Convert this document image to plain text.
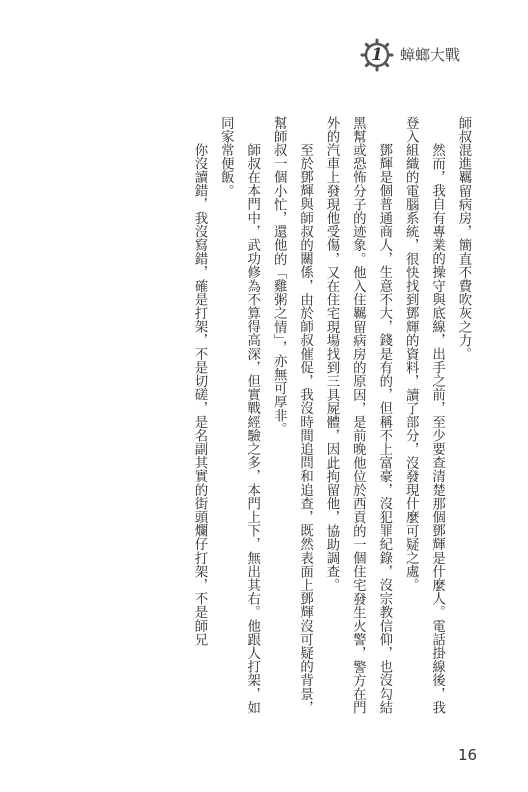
1	蟑螂大戰

師叔混進羈留病房，簡直不費吹灰之力。

然而，我自有專業的操守與底線，出手之前，至少要查清楚那個鄧輝是什麼人。電話掛線後，我登入組織的電腦系統，很快找到鄧輝的資料，讀了部分，沒發現什麼可疑之處。

鄧輝是個普通商人，生意不大，錢是有的，但稱不上富豪，沒犯罪紀錄，沒宗教信仰，也沒勾結黑幫或恐怖分子的迹象。他入住羈留病房的原因，是前晚他位於西貢的一個住宅發生火警，警方在門外的汽車上發現他受傷，又在住宅現場找到三具屍體，因此拘留他，協助調查。

至於鄧輝與師叔的關係，由於師叔催促，我沒時間追問和追查，既然表面上鄧輝沒可疑的背景，幫師叔一個小忙，還他的「雞粥之情」，亦無可厚非。

師叔在本門中，武功修為不算得高深，但實戰經驗之多，本門上下，無出其右。他跟人打架，如同家常便飯。

你沒讀錯，我沒寫錯，確是打架，不是切磋，是名副其實的街頭爛仔打架，不是師兄

16
